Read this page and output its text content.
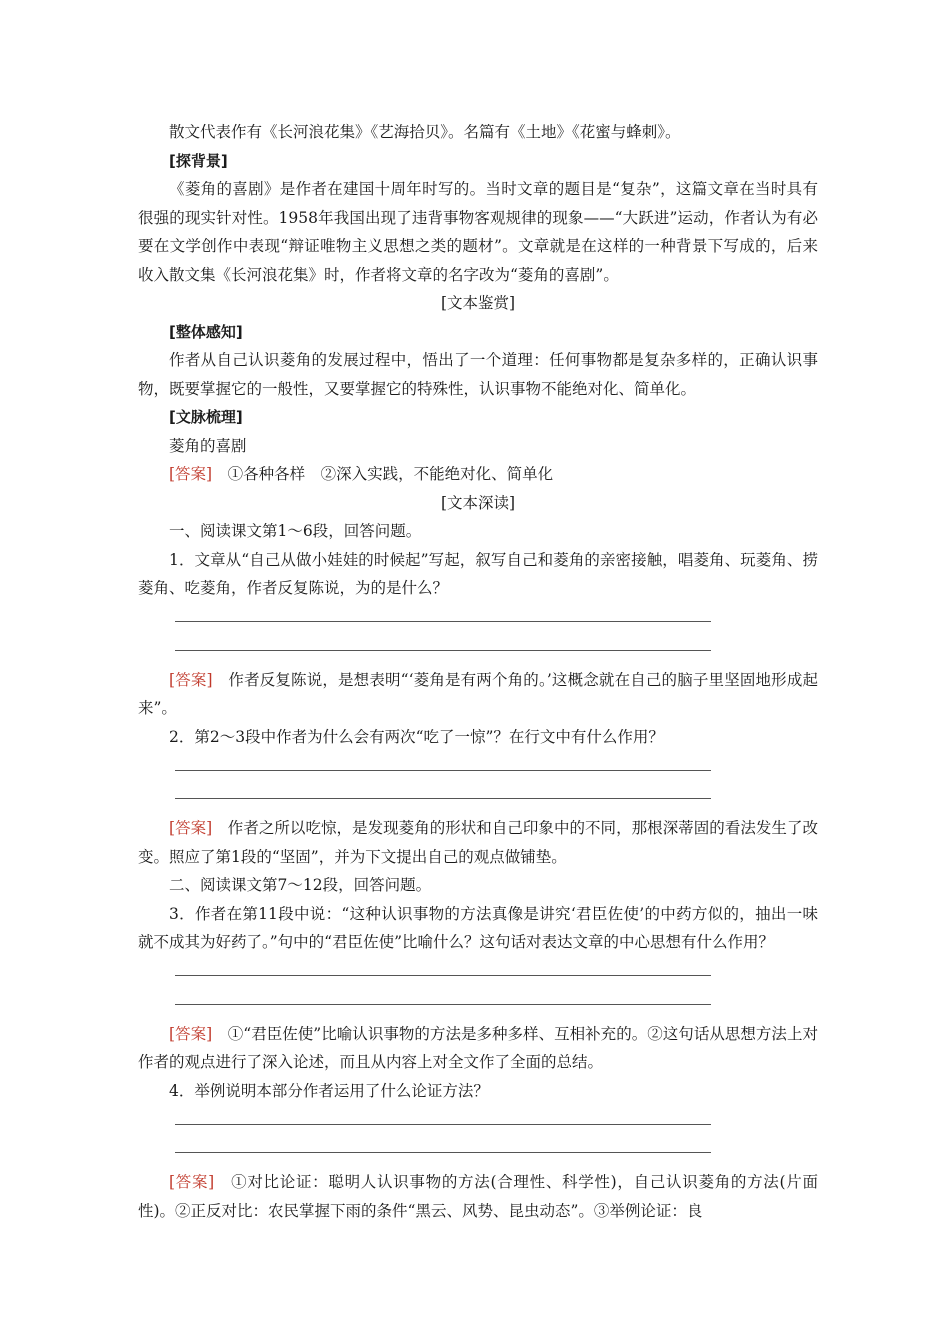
散文代表作有《长河浪花集》《艺海拾贝》。名篇有《土地》《花蜜与蜂刺》。

[探背景]

《菱角的喜剧》是作者在建国十周年时写的。当时文章的题目是“复杂”，这篇文章在当时具有很强的现实针对性。1958年我国出现了违背事物客观规律的现象——“大跃进”运动，作者认为有必要在文学创作中表现“辩证唯物主义思想之类的题材”。文章就是在这样的一种背景下写成的，后来收入散文集《长河浪花集》时，作者将文章的名字改为“菱角的喜剧”。

[文本鉴赏]

[整体感知]

作者从自己认识菱角的发展过程中，悟出了一个道理：任何事物都是复杂多样的，正确认识事物，既要掌握它的一般性，又要掌握它的特殊性，认识事物不能绝对化、简单化。

[文脉梳理]

菱角的喜剧

[答案]　 ①各种各样　②深入实践，不能绝对化、简单化

[文本深读]

一、阅读课文第1～6段，回答问题。

1．文章从“自己从做小娃娃的时候起”写起，叙写自己和菱角的亲密接触，唱菱角、玩菱角、捞菱角、吃菱角，作者反复陈说，为的是什么？

[答案]　 作者反复陈说，是想表明“‘菱角是有两个角的。’这概念就在自己的脑子里坚固地形成起来”。

2．第2～3段中作者为什么会有两次“吃了一惊”？在行文中有什么作用？

[答案]　 作者之所以吃惊，是发现菱角的形状和自己印象中的不同，那根深蒂固的看法发生了改变。照应了第1段的“坚固”，并为下文提出自己的观点做铺垫。

二、阅读课文第7～12段，回答问题。

3．作者在第11段中说：“这种认识事物的方法真像是讲究‘君臣佐使’的中药方似的，抽出一味就不成其为好药了。”句中的“君臣佐使”比喻什么？这句话对表达文章的中心思想有什么作用？

[答案]　 ①“君臣佐使”比喻认识事物的方法是多种多样、互相补充的。②这句话从思想方法上对作者的观点进行了深入论述，而且从内容上对全文作了全面的总结。

4．举例说明本部分作者运用了什么论证方法？

[答案]　 ①对比论证：聪明人认识事物的方法(合理性、科学性)，自己认识菱角的方法(片面性)。②正反对比：农民掌握下雨的条件“黑云、风势、昆虫动态”。③举例论证：良
